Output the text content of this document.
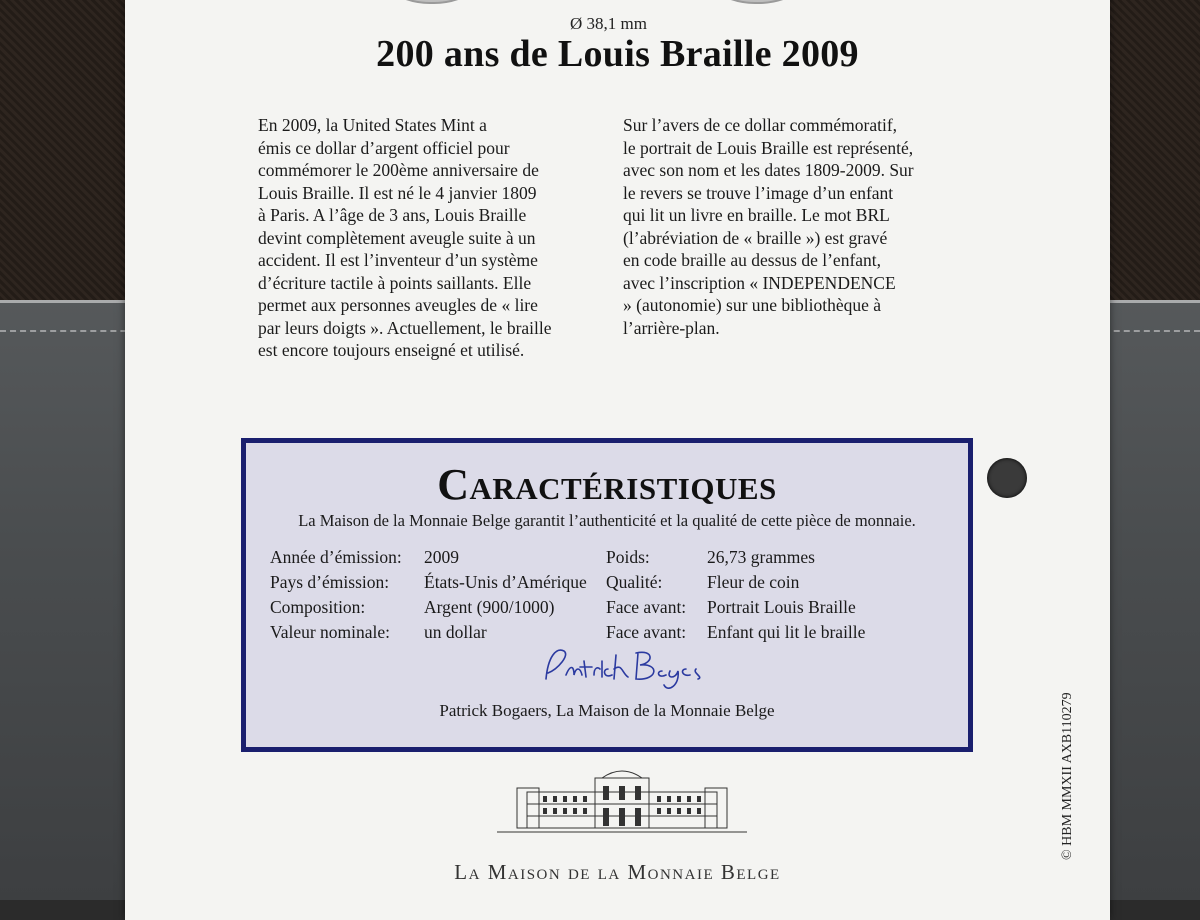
Ø 38,1 mm
200 ans de Louis Braille 2009
En 2009, la United States Mint a
émis ce dollar d’argent officiel pour
commémorer le 200ème anniversaire de
Louis Braille. Il est né le 4 janvier 1809
à Paris. A l’âge de 3 ans, Louis Braille
devint complètement aveugle suite à un
accident. Il est l’inventeur d’un système
d’écriture tactile à points saillants. Elle
permet aux personnes aveugles de « lire
par leurs doigts ». Actuellement, le braille
est encore toujours enseigné et utilisé.
Sur l’avers de ce dollar commémoratif,
le portrait de Louis Braille est représenté,
avec son nom et les dates 1809-2009. Sur
le revers se trouve l’image d’un enfant
qui lit un livre en braille. Le mot BRL
(l’abréviation de « braille ») est gravé
en code braille au dessus de l’enfant,
avec l’inscription « INDEPENDENCE
» (autonomie) sur une bibliothèque à
l’arrière-plan.
Caractéristiques
La Maison de la Monnaie Belge garantit l’authenticité et la qualité de cette pièce de monnaie.
Année d’émission: 2009	Poids:	26,73 grammes
Pays d’émission: États-Unis d’Amérique Qualité:	Fleur de coin
Composition:	Argent (900/1000)	Face avant: Portrait Louis Braille
Valeur nominale: un dollar	Face avant: Enfant qui lit le braille
Patrick Bogaers, La Maison de la Monnaie Belge
La Maison de la Monnaie Belge
© HBM MMXII AXB110279
